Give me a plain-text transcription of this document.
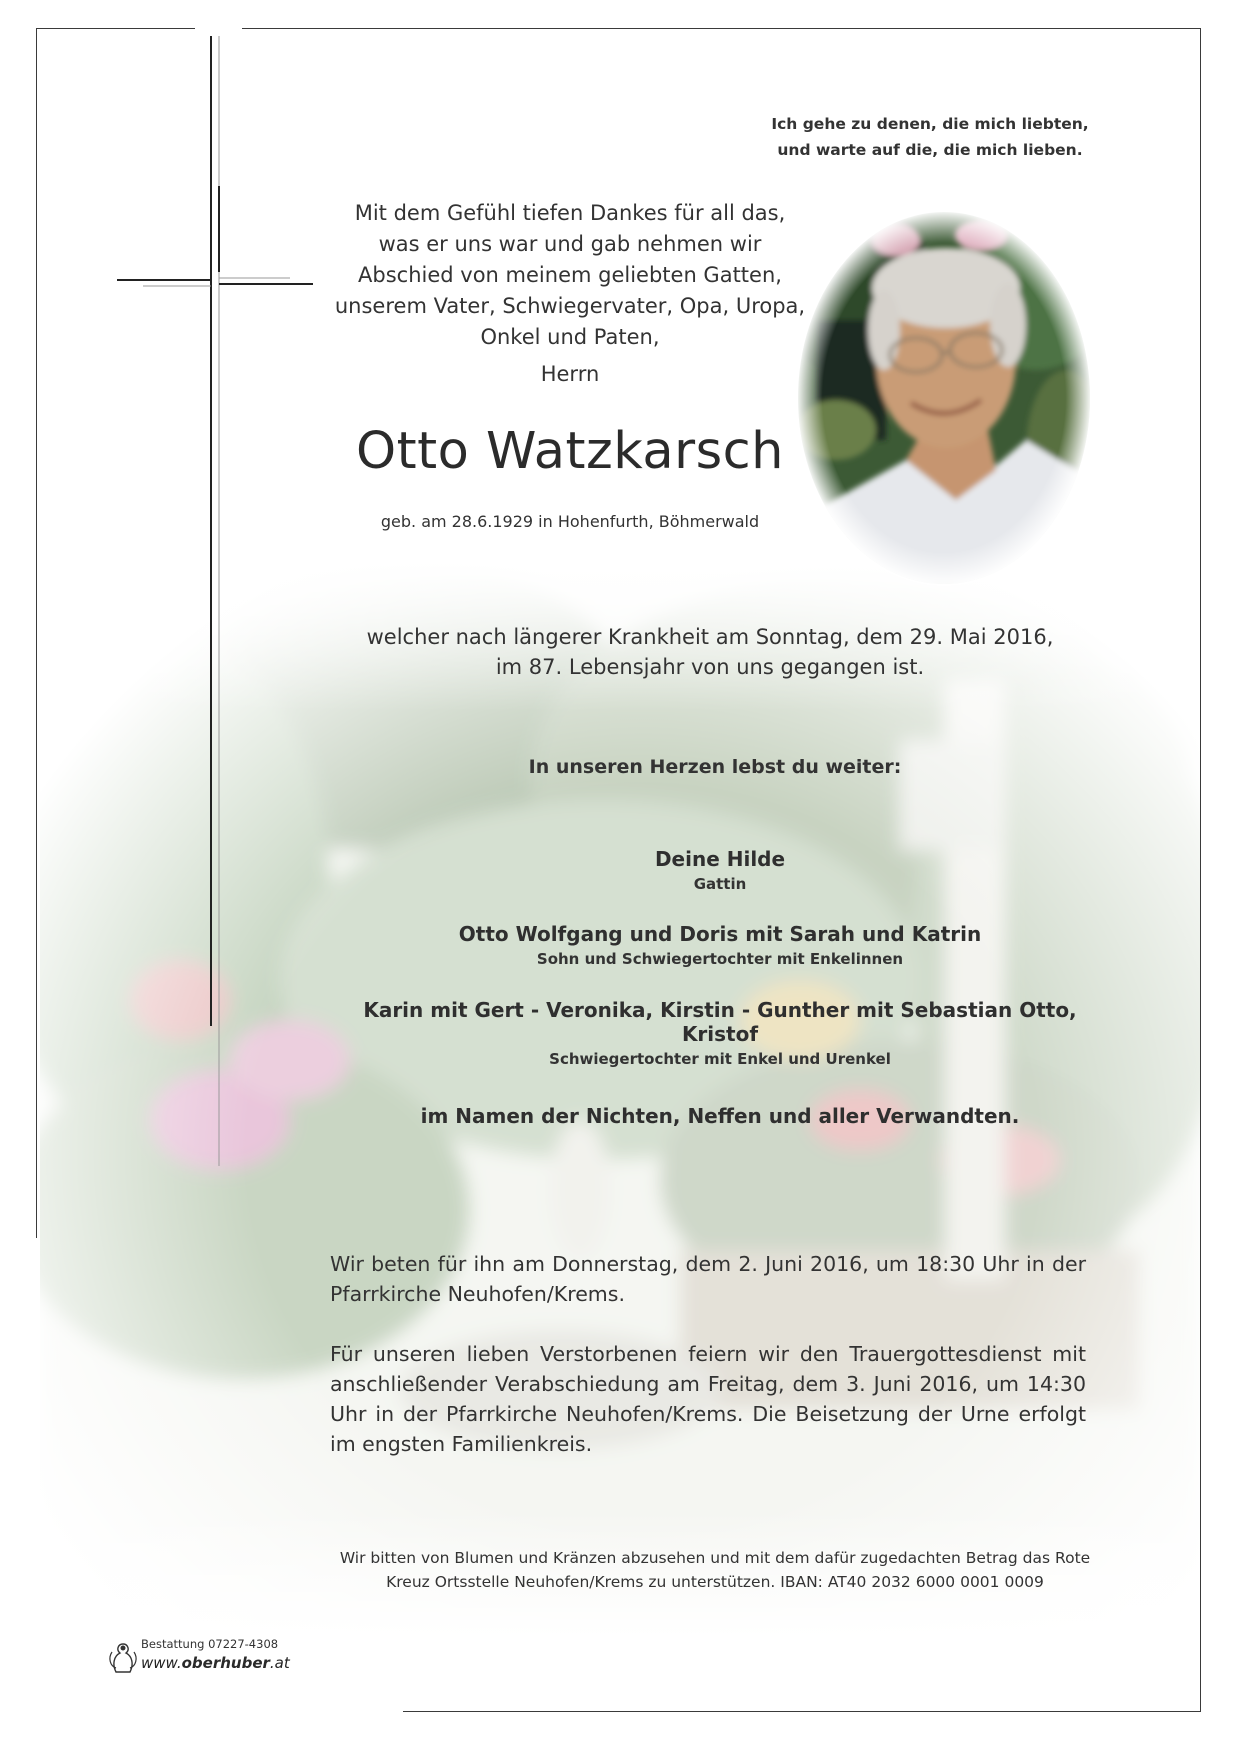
Ich gehe zu denen, die mich liebten,
und warte auf die, die mich lieben.
Mit dem Gefühl tiefen Dankes für all das,
was er uns war und gab nehmen wir
Abschied von meinem geliebten Gatten,
unserem Vater, Schwiegervater, Opa, Uropa,
Onkel und Paten,
Herrn
Otto Watzkarsch
geb. am 28.6.1929 in Hohenfurth, Böhmerwald
welcher nach längerer Krankheit am Sonntag, dem 29. Mai 2016,
im 87. Lebensjahr von uns gegangen ist.
In unseren Herzen lebst du weiter:
Deine Hilde
Gattin
Otto Wolfgang und Doris mit Sarah und Katrin
Sohn und Schwiegertochter mit Enkelinnen
Karin mit Gert - Veronika, Kirstin - Gunther mit Sebastian Otto, Kristof
Schwiegertochter mit Enkel und Urenkel
im Namen der Nichten, Neffen und aller Verwandten.
Wir beten für ihn am Donnerstag, dem 2. Juni 2016, um 18:30 Uhr in der Pfarrkirche Neuhofen/Krems.
Für unseren lieben Verstorbenen feiern wir den Trauergottesdienst mit anschließender Verabschiedung am Freitag, dem 3. Juni 2016, um 14:30 Uhr in der Pfarrkirche Neuhofen/Krems. Die Beisetzung der Urne erfolgt im engsten Familienkreis.
Wir bitten von Blumen und Kränzen abzusehen und mit dem dafür zugedachten Betrag das Rote
Kreuz Ortsstelle Neuhofen/Krems zu unterstützen. IBAN: AT40 2032 6000 0001 0009
Bestattung 07227-4308
www.oberhuber.at
